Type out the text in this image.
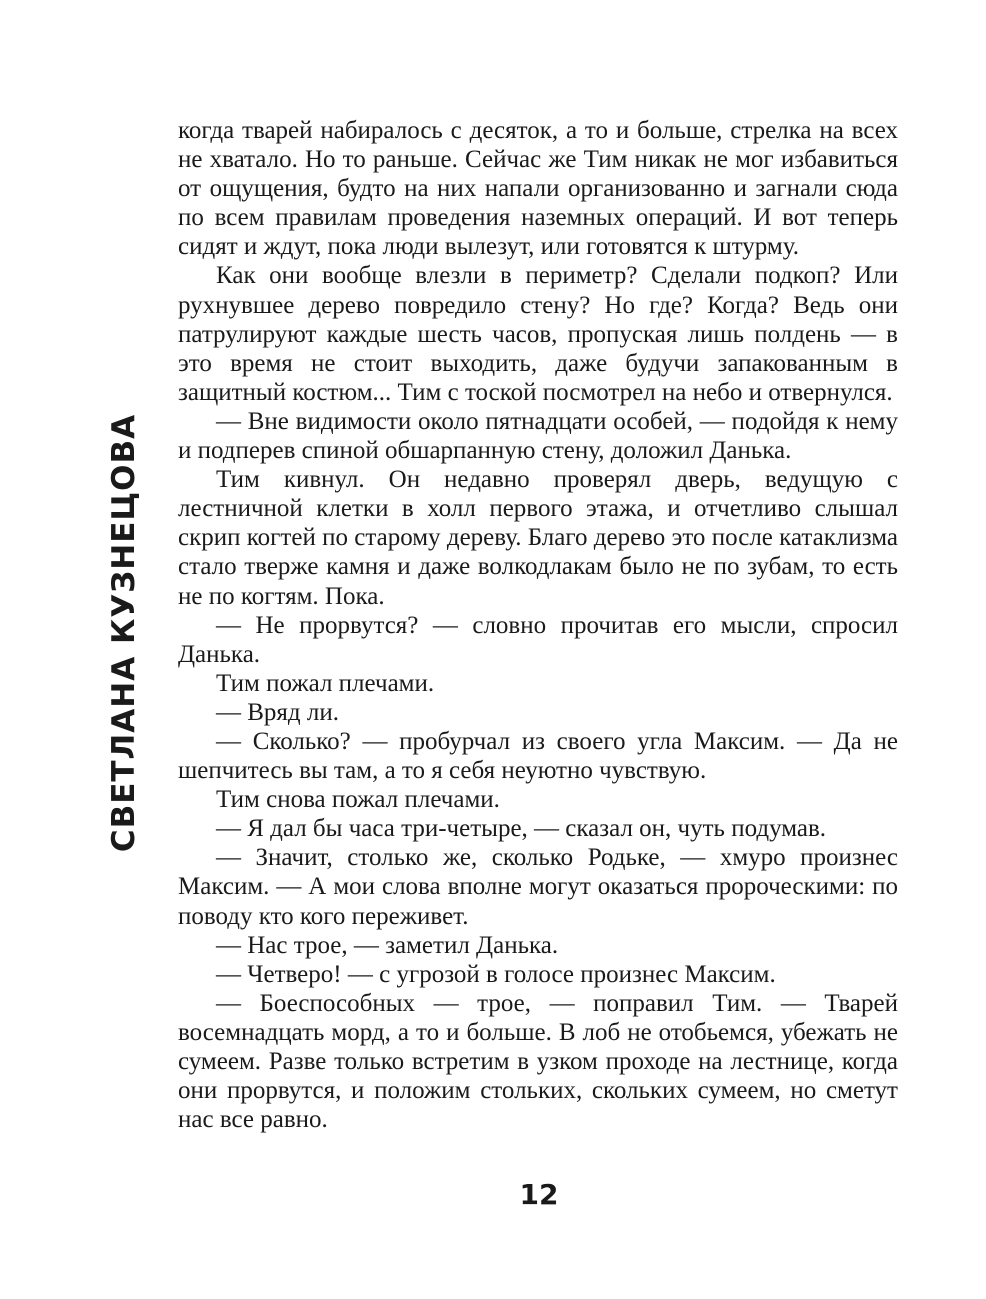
СВЕТЛАНА КУЗНЕЦОВА

когда тварей набиралось с десяток, а то и больше, стрелка на всех не хватало. Но то раньше. Сейчас же Тим никак не мог избавиться от ощущения, будто на них напали организованно и загнали сюда по всем правилам проведения наземных операций. И вот теперь сидят и ждут, пока люди вылезут, или готовятся к штурму.

Как они вообще влезли в периметр? Сделали подкоп? Или рухнувшее дерево повредило стену? Но где? Когда? Ведь они патрулируют каждые шесть часов, пропуская лишь полдень — в это время не стоит выходить, даже будучи запакованным в защитный костюм... Тим с тоской посмотрел на небо и отвернулся.

— Вне видимости около пятнадцати особей, — подойдя к нему и подперев спиной обшарпанную стену, доложил Данька.

Тим кивнул. Он недавно проверял дверь, ведущую с лестничной клетки в холл первого этажа, и отчетливо слышал скрип когтей по старому дереву. Благо дерево это после катаклизма стало тверже камня и даже волкодлакам было не по зубам, то есть не по когтям. Пока.

— Не прорвутся? — словно прочитав его мысли, спросил Данька.

Тим пожал плечами.

— Вряд ли.

— Сколько? — пробурчал из своего угла Максим. — Да не шепчитесь вы там, а то я себя неуютно чувствую.

Тим снова пожал плечами.

— Я дал бы часа три-четыре, — сказал он, чуть подумав.

— Значит, столько же, сколько Родьке, — хмуро произнес Максим. — А мои слова вполне могут оказаться пророческими: по поводу кто кого переживет.

— Нас трое, — заметил Данька.

— Четверо! — с угрозой в голосе произнес Максим.

— Боеспособных — трое, — поправил Тим. — Тварей восемнадцать морд, а то и больше. В лоб не отобьемся, убежать не сумеем. Разве только встретим в узком проходе на лестнице, когда они прорвутся, и положим стольких, скольких сумеем, но сметут нас все равно.

12
